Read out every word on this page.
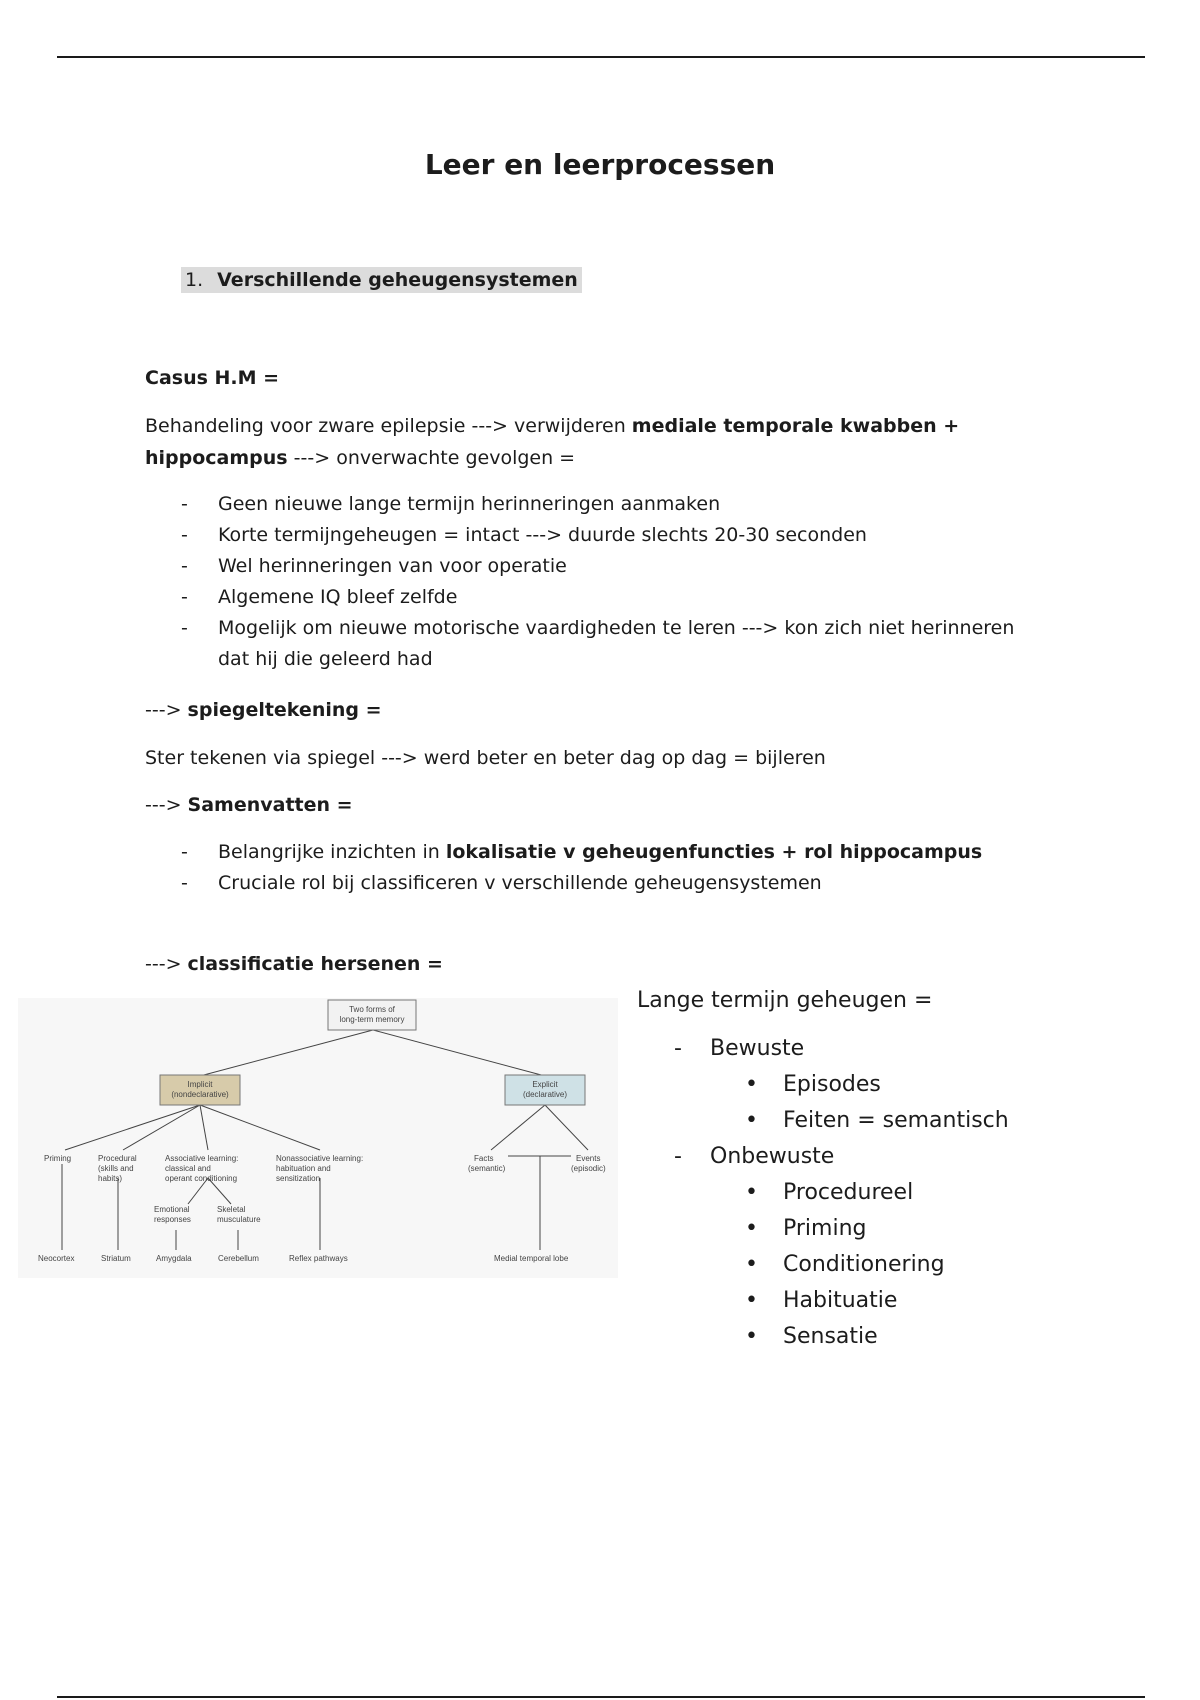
Leer en leerprocessen
1. Verschillende geheugensystemen
Casus H.M =
Behandeling voor zware epilepsie ---> verwijderen mediale temporale kwabben + hippocampus ---> onverwachte gevolgen =
- Geen nieuwe lange termijn herinneringen aanmaken
- Korte termijngeheugen = intact ---> duurde slechts 20-30 seconden
- Wel herinneringen van voor operatie
- Algemene IQ bleef zelfde
- Mogelijk om nieuwe motorische vaardigheden te leren ---> kon zich niet herinneren dat hij die geleerd had
---> spiegeltekening =
Ster tekenen via spiegel ---> werd beter en beter dag op dag = bijleren
---> Samenvatten =
- Belangrijke inzichten in lokalisatie v geheugenfuncties + rol hippocampus
- Cruciale rol bij classificeren v verschillende geheugensystemen
---> classificatie hersenen =
Two forms of long-term memory
Implicit (nondeclarative)
Explicit (declarative)
Priming	Procedural (skills and habits)
Associative learning: classical and operant conditioning
Nonassociative learning: habituation and sensitization
Emotional responses
Skeletal musculature
Facts (semantic)
Events (episodic)
Neocortex	Striatum	Amygdala	Cerebellum	Reflex pathways	Medial temporal lobe
Lange termijn geheugen =
- Bewuste
• Episodes
• Feiten = semantisch
- Onbewuste
• Procedureel
• Priming
• Conditionering
• Habituatie
• Sensatie
